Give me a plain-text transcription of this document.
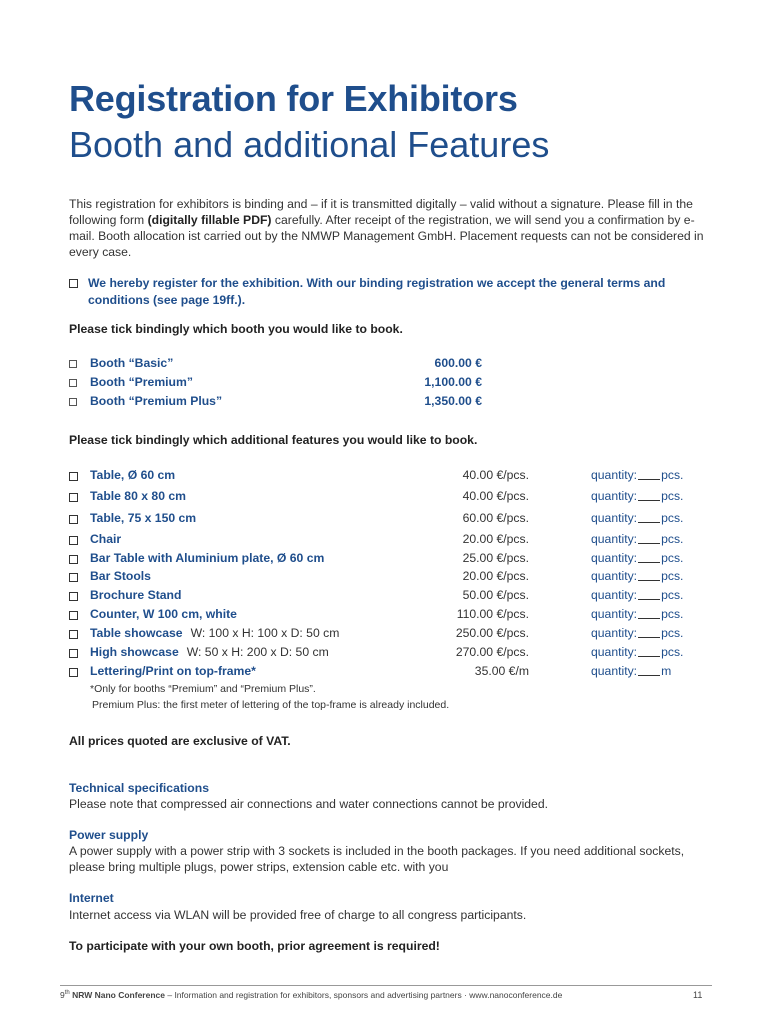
Registration for Exhibitors
Booth and additional Features
This registration for exhibitors is binding and – if it is transmitted digitally – valid without a signature. Please fill in the following form (digitally fillable PDF) carefully. After receipt of the registration, we will send you a confirmation by e-mail. Booth allocation ist carried out by the NMWP Management GmbH. Placement requests can not be considered in every case.
We hereby register for the exhibition. With our binding registration we accept the general terms and conditions (see page 19ff.).
Please tick bindingly which booth you would like to book.
Booth “Basic”	600.00 €
Booth “Premium”	1,100.00 €
Booth “Premium Plus”	1,350.00 €
Please tick bindingly which additional features you would like to book.
Table, Ø 60 cm	40.00 €/pcs.	quantity: pcs.
Table 80 x 80 cm	40.00 €/pcs.	quantity: pcs.
Table, 75 x 150 cm	60.00 €/pcs.	quantity: pcs.
Chair	20.00 €/pcs.	quantity: pcs.
Bar Table with Aluminium plate, Ø 60 cm	25.00 €/pcs.	quantity: pcs.
Bar Stools	20.00 €/pcs.	quantity: pcs.
Brochure Stand	50.00 €/pcs.	quantity: pcs.
Counter, W 100 cm, white	110.00 €/pcs.	quantity: pcs.
Table showcase W: 100 x H: 100 x D: 50 cm	250.00 €/pcs.	quantity: pcs.
High showcase W: 50 x H: 200 x D: 50 cm	270.00 €/pcs.	quantity: pcs.
Lettering/Print on top-frame*	35.00 €/m	quantity: m
*Only for booths “Premium” and “Premium Plus”.
Premium Plus: the first meter of lettering of the top-frame is already included.
All prices quoted are exclusive of VAT.
Technical specifications
Please note that compressed air connections and water connections cannot be provided.
Power supply
A power supply with a power strip with 3 sockets is included in the booth packages. If you need additional sockets, please bring multiple plugs, power strips, extension cable etc. with you
Internet
Internet access via WLAN will be provided free of charge to all congress participants.
To participate with your own booth, prior agreement is required!
9th NRW Nano Conference – Information and registration for exhibitors, sponsors and advertising partners · www.nanoconference.de	11
